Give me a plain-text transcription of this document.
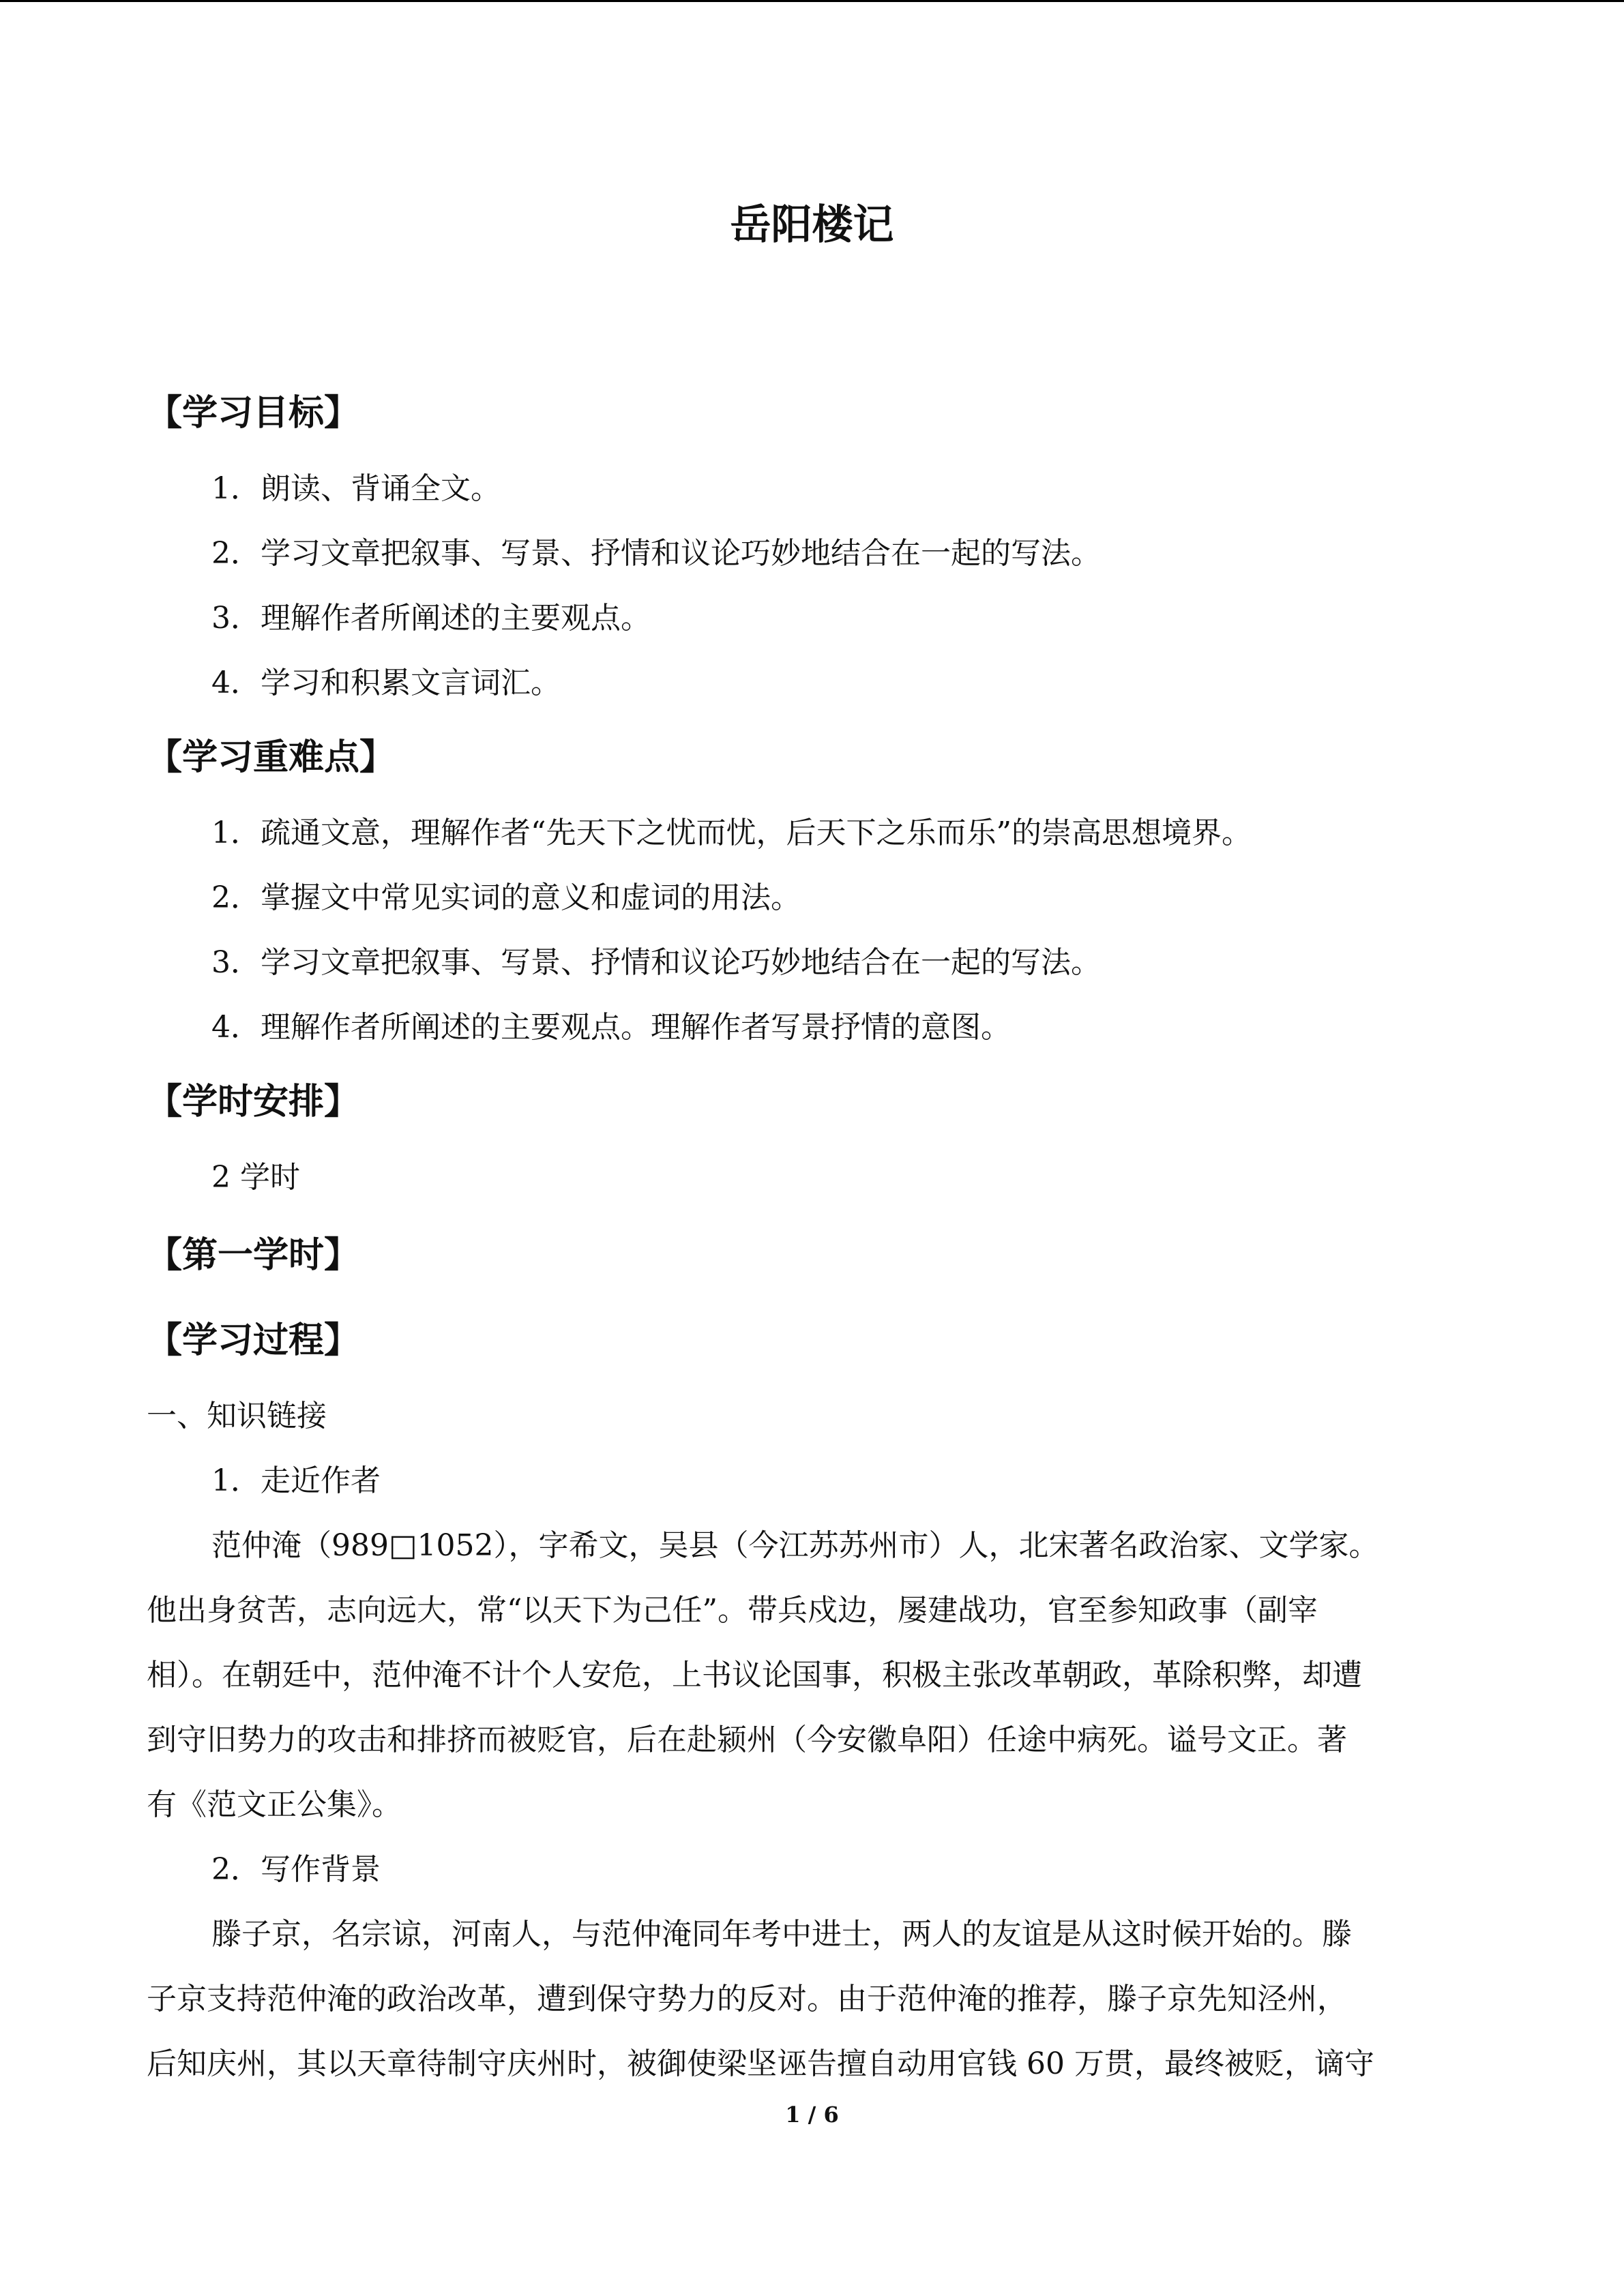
岳阳楼记
【学习目标】
1．朗读、背诵全文。
2．学习文章把叙事、写景、抒情和议论巧妙地结合在一起的写法。
3．理解作者所阐述的主要观点。
4．学习和积累文言词汇。
【学习重难点】
1．疏通文意，理解作者“先天下之忧而忧，后天下之乐而乐”的崇高思想境界。
2．掌握文中常见实词的意义和虚词的用法。
3．学习文章把叙事、写景、抒情和议论巧妙地结合在一起的写法。
4．理解作者所阐述的主要观点。理解作者写景抒情的意图。
【学时安排】
2 学时
【第一学时】
【学习过程】
一、知识链接
1．走近作者
范仲淹（989□1052），字希文，吴县（今江苏苏州市）人，北宋著名政治家、文学家。
他出身贫苦，志向远大，常“以天下为己任”。带兵戍边，屡建战功，官至参知政事（副宰
相）。在朝廷中，范仲淹不计个人安危，上书议论国事，积极主张改革朝政，革除积弊，却遭
到守旧势力的攻击和排挤而被贬官，后在赴颍州（今安徽阜阳）任途中病死。谥号文正。著
有《范文正公集》。
2．写作背景
滕子京，名宗谅，河南人，与范仲淹同年考中进士，两人的友谊是从这时候开始的。滕
子京支持范仲淹的政治改革，遭到保守势力的反对。由于范仲淹的推荐，滕子京先知泾州，
后知庆州，其以天章待制守庆州时，被御使梁坚诬告擅自动用官钱 60 万贯，最终被贬，谪守
1 / 6
